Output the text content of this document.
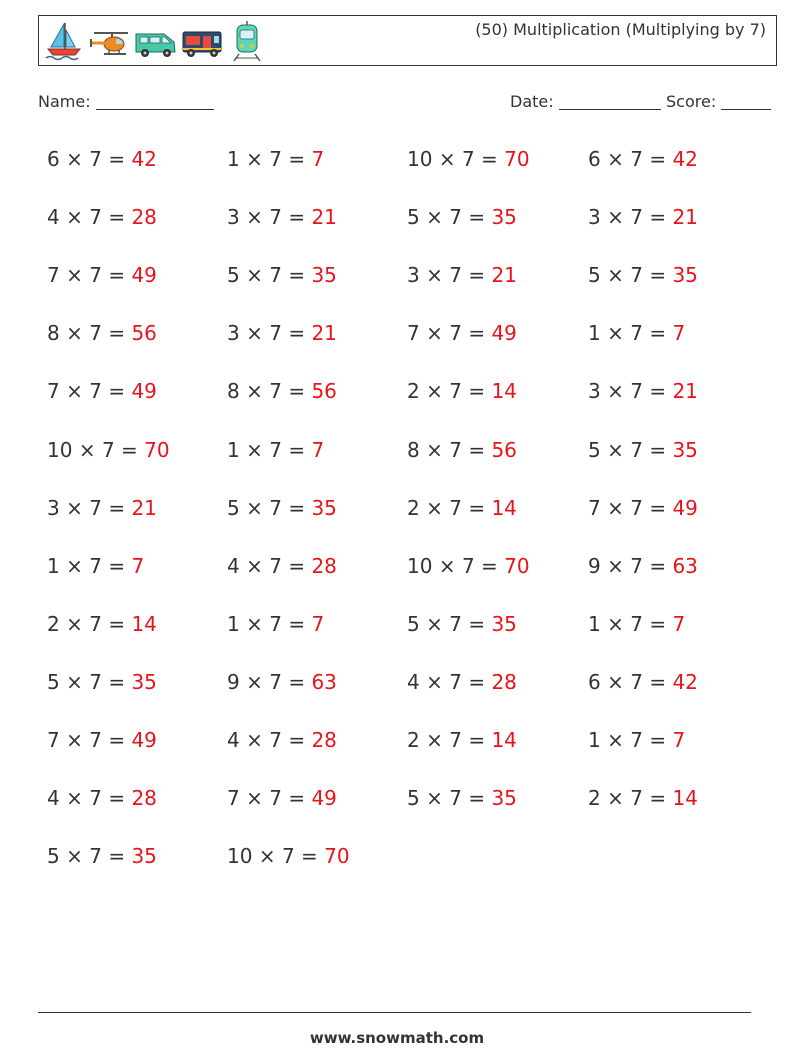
(50) Multiplication (Multiplying by 7)
Name:	Date:	Score:
6 × 7 = 42	1 × 7 = 7	10 × 7 = 70	6 × 7 = 42
4 × 7 = 28	3 × 7 = 21	5 × 7 = 35	3 × 7 = 21
7 × 7 = 49	5 × 7 = 35	3 × 7 = 21	5 × 7 = 35
8 × 7 = 56	3 × 7 = 21	7 × 7 = 49	1 × 7 = 7
7 × 7 = 49	8 × 7 = 56	2 × 7 = 14	3 × 7 = 21
10 × 7 = 70	1 × 7 = 7	8 × 7 = 56	5 × 7 = 35
3 × 7 = 21	5 × 7 = 35	2 × 7 = 14	7 × 7 = 49
1 × 7 = 7	4 × 7 = 28	10 × 7 = 70	9 × 7 = 63
2 × 7 = 14	1 × 7 = 7	5 × 7 = 35	1 × 7 = 7
5 × 7 = 35	9 × 7 = 63	4 × 7 = 28	6 × 7 = 42
7 × 7 = 49	4 × 7 = 28	2 × 7 = 14	1 × 7 = 7
4 × 7 = 28	7 × 7 = 49	5 × 7 = 35	2 × 7 = 14
5 × 7 = 35	10 × 7 = 70
www.snowmath.com
